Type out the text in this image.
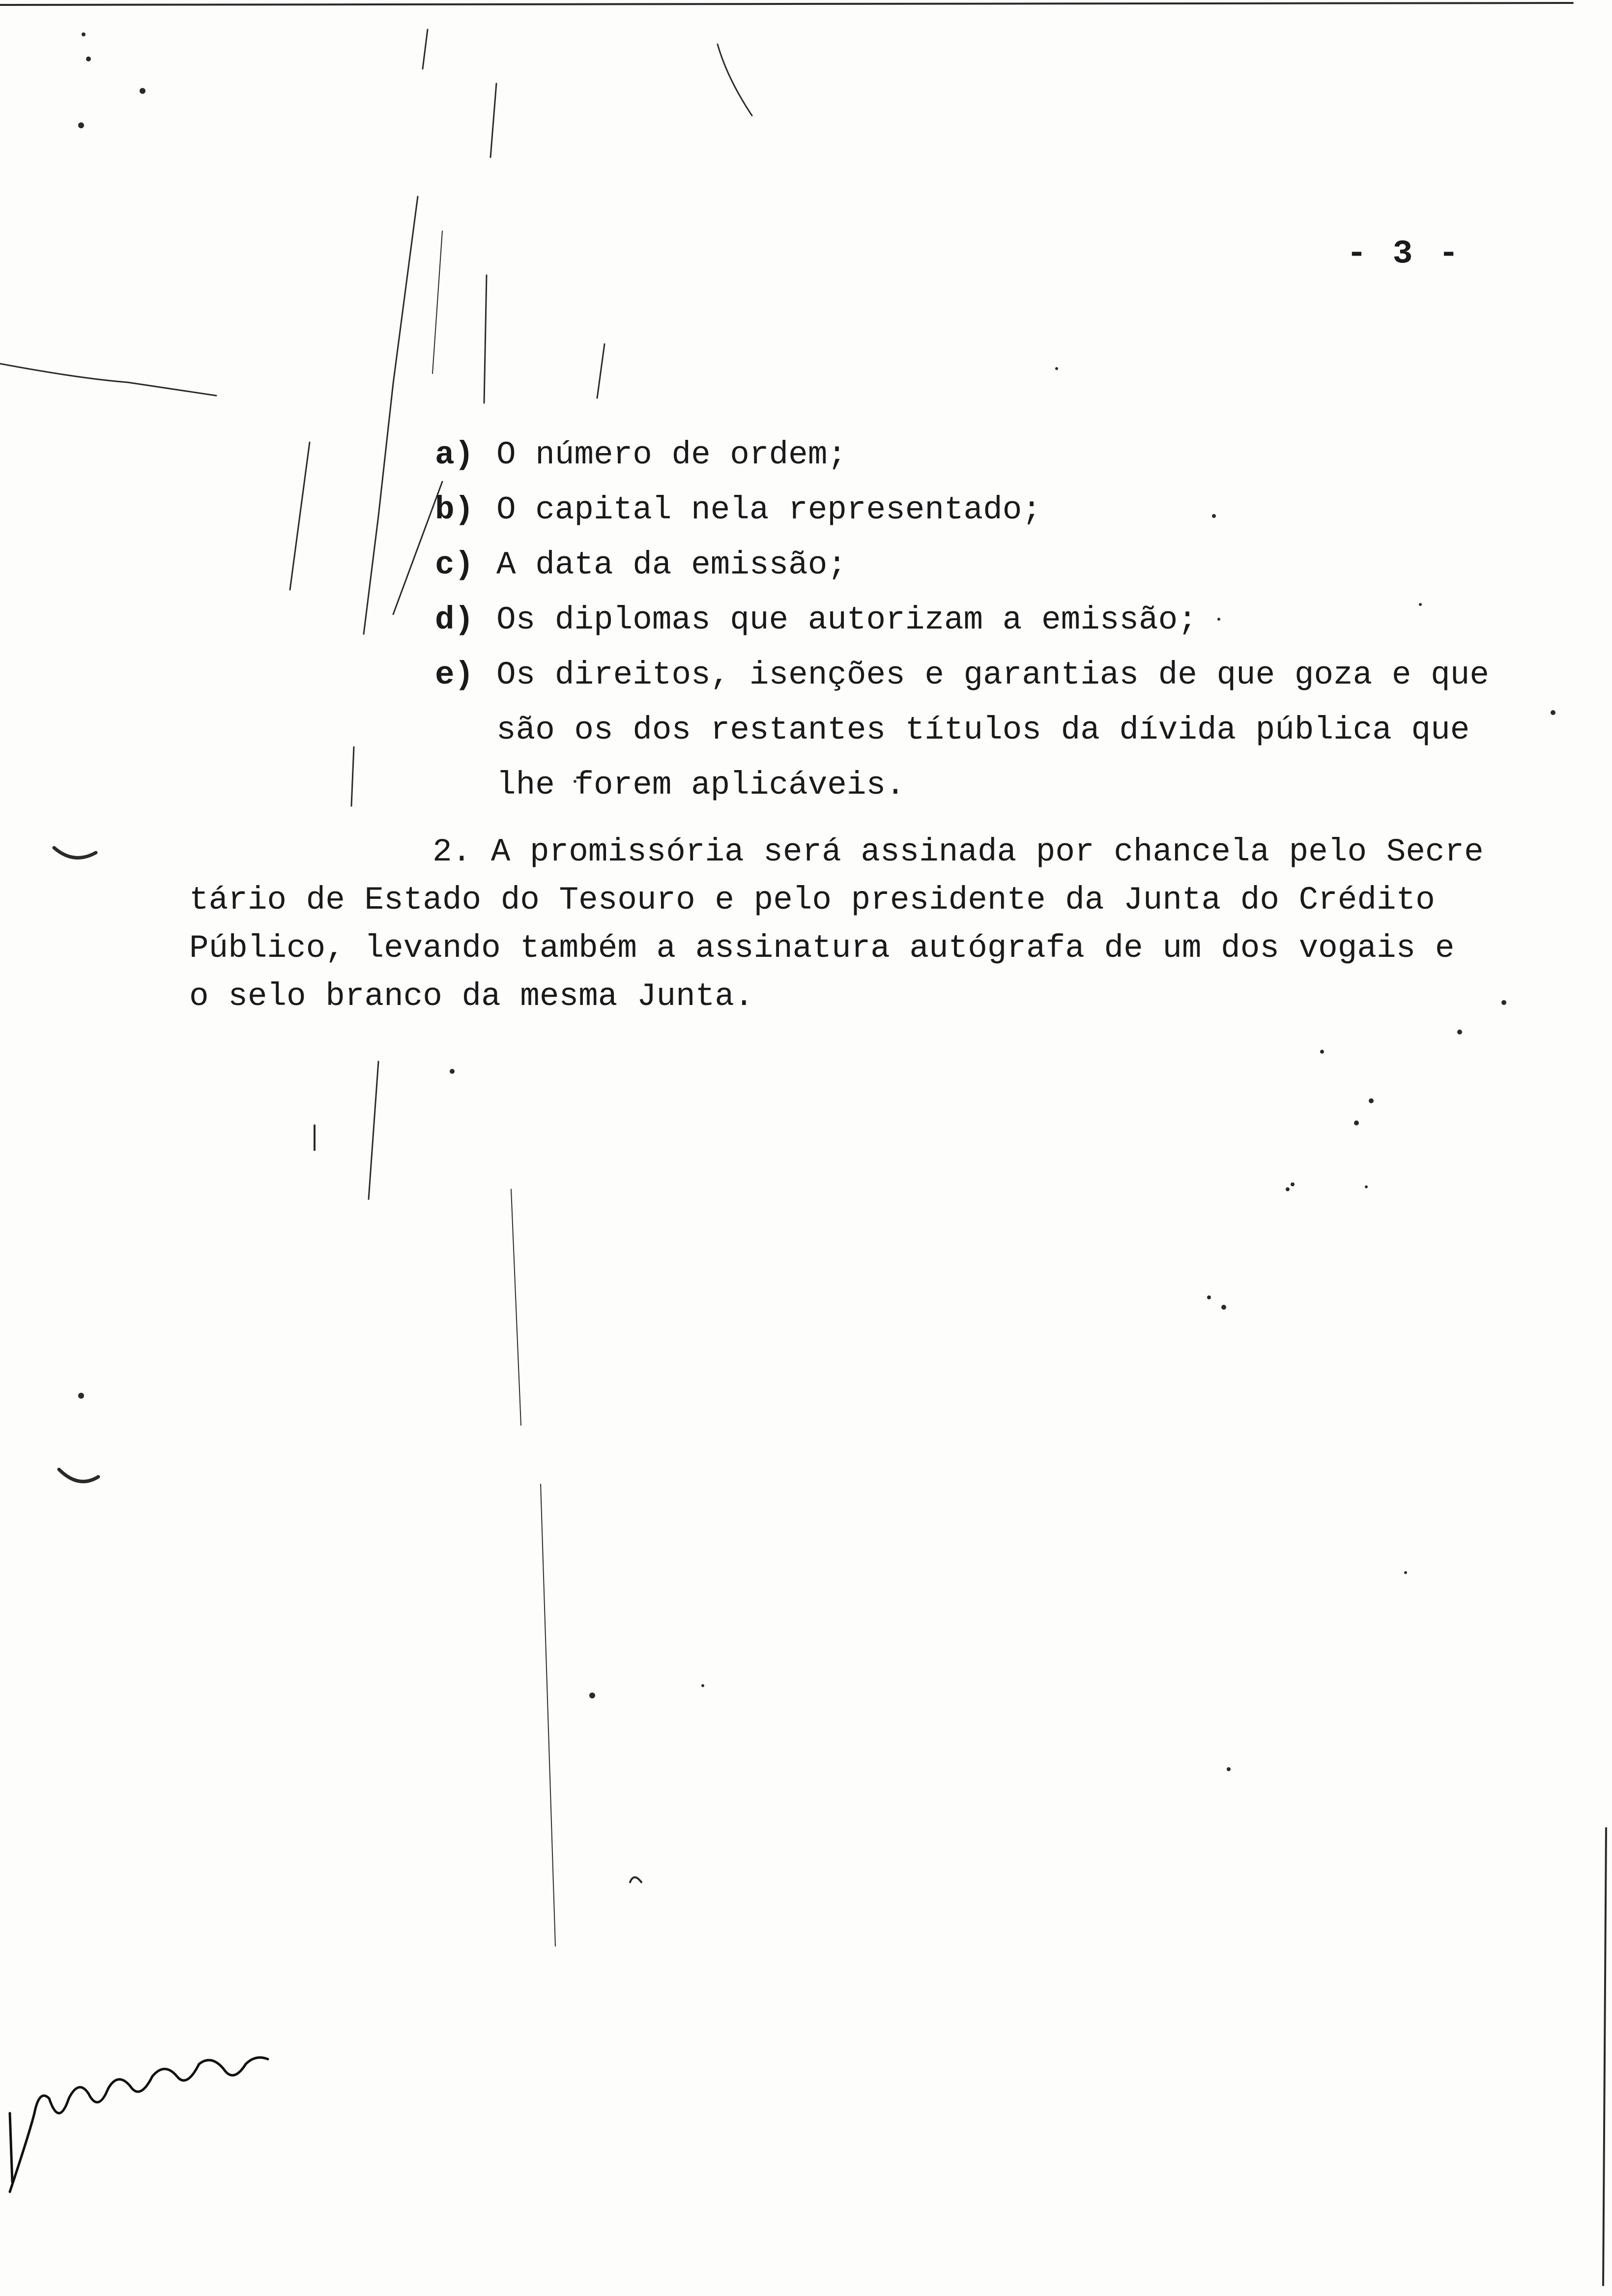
- 3 -
a) O número de ordem;
b) O capital nela representado;
c) A data da emissão;
d) Os diplomas que autorizam a emissão;
e) Os direitos, isenções e garantias de que goza e que
são os dos restantes títulos da dívida pública que
lhe forem aplicáveis.
2. A promissória será assinada por chancela pelo Secre
tário de Estado do Tesouro e pelo presidente da Junta do Crédito
Público, levando também a assinatura autógrafa de um dos vogais e
o selo branco da mesma Junta.
